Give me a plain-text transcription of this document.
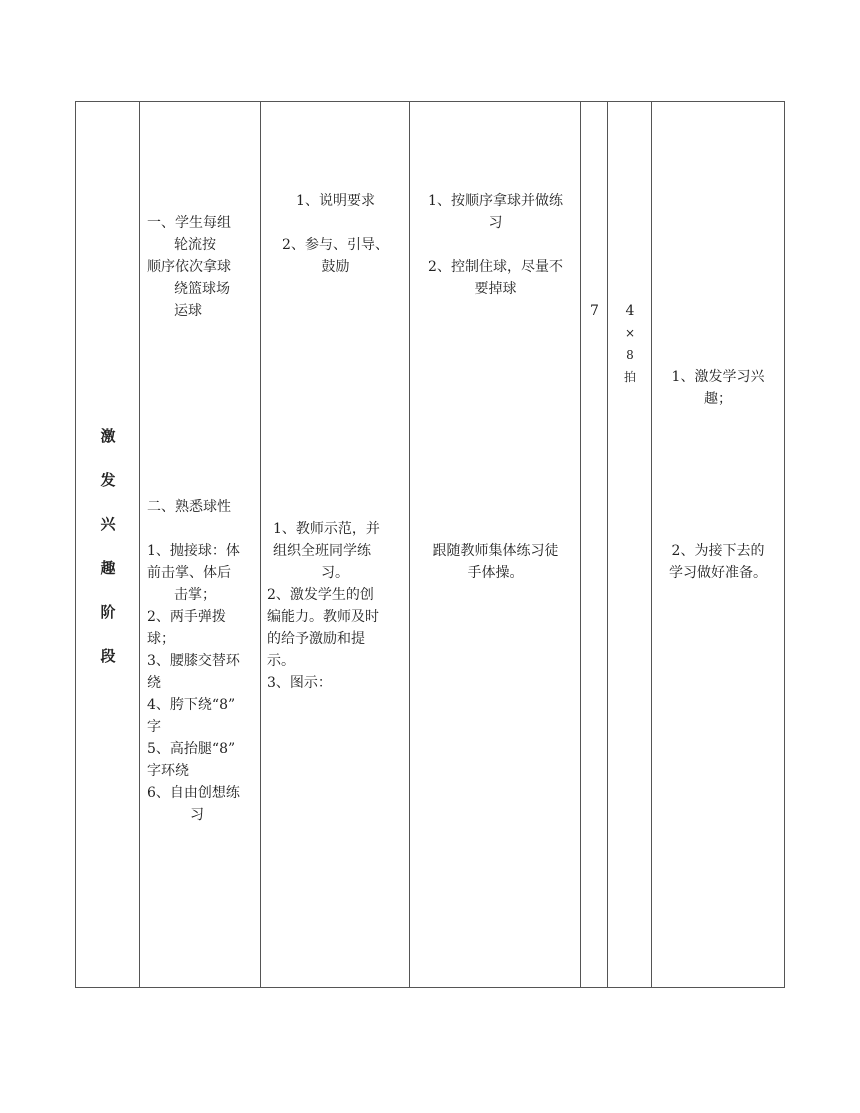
激
发
兴
趣
阶
段
一、学生每组
轮流按
顺序依次拿球
绕篮球场
运球
二、熟悉球性
1、抛接球：体
前击掌、体后
击掌；
2、两手弹拨
球；
3、腰膝交替环
绕
4、胯下绕“8”
字
5、高抬腿“8”
字环绕
6、自由创想练
习
1、说明要求
2、参与、引导、
鼓励
1、教师示范，并
组织全班同学练
习。
2、激发学生的创
编能力。教师及时
的给予激励和提
示。
3、图示：
1、按顺序拿球并做练
习
2、控制住球，尽量不
要掉球
跟随教师集体练习徒
手体操。
7	4
×
8
拍	1、激发学习兴
趣；
2、为接下去的
学习做好准备。
